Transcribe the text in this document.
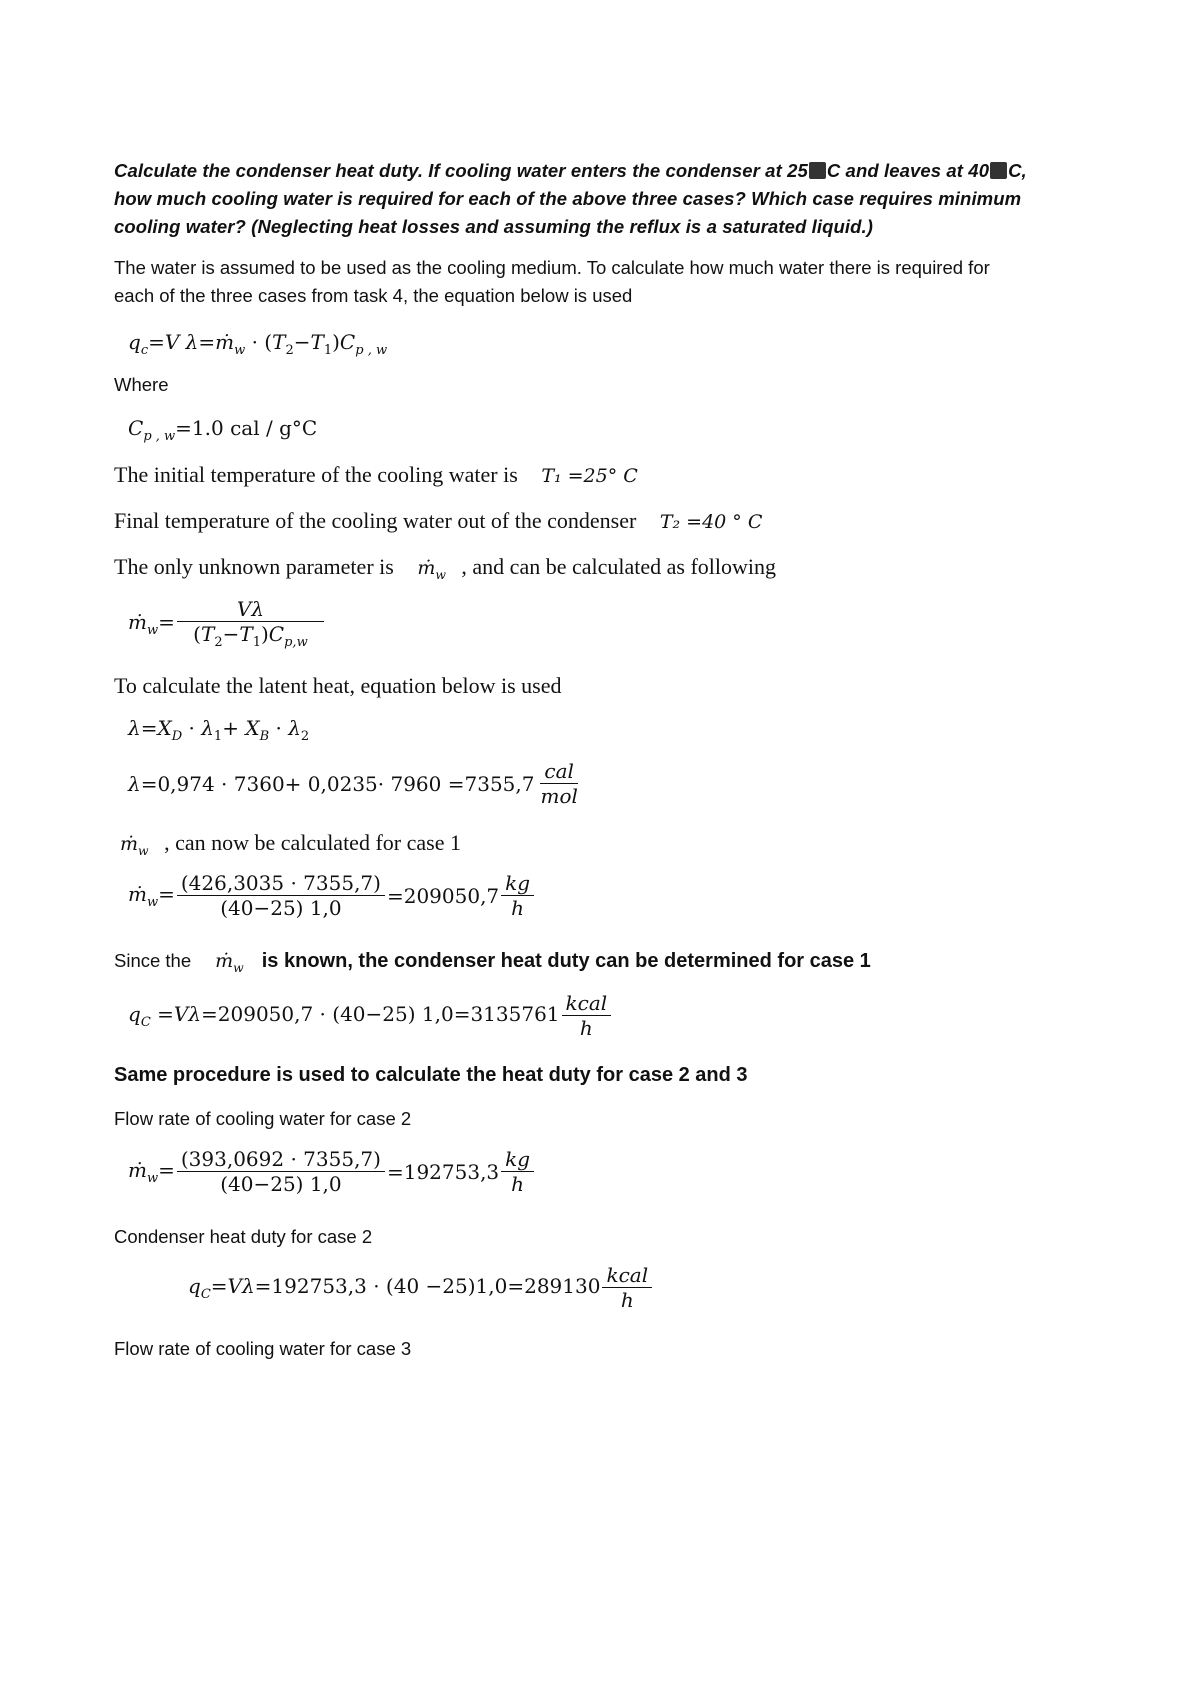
Calculate the condenser heat duty. If cooling water enters the condenser at 25 C and leaves at 40 C,
how much cooling water is required for each of the above three cases? Which case requires minimum
cooling water? (Neglecting heat losses and assuming the reflux is a saturated liquid.)
The water is assumed to be used as the cooling medium. To calculate how much water there is required for
each of the three cases from task 4, the equation below is used
$q_c=V$ λ=ṁ$_w$ · $(T_2-T_1)C_{p , w}$
Where
$C_{p , w}=1.0$ cal / g°C
The initial temperature of the cooling water is T₁ =25° C
Final temperature of the cooling water out of the condenser T₂ =40 ° C
The only unknown parameter is ṁ$_w$ , and can be calculated as following
ṁ$_w$= $\frac{V\lambda}{(T_2-T_1)C_{p,w}}$
To calculate the latent heat, equation below is used
$\lambda=X_D \cdot \lambda_1+ X_B \cdot \lambda_2$
$\lambda=0,974 \cdot 7360+ 0,0235\cdot 7960 =7355,7 \frac{\text{cal}}{\text{mol}}$
ṁ$_w$ , can now be calculated for case 1
ṁ$_w$= $\frac{(426,3035 \cdot 7355,7)}{(40-25) 1,0} =209050,7 \frac{kg}{h}$
Since the ṁ$_w$ is known, the condenser heat duty can be determined for case 1
$q_C =V\lambda=209050,7 \cdot (40-25)$ $1,0=3135761 \frac{\text{kcal}}{h}$
Same procedure is used to calculate the heat duty for case 2 and 3
Flow rate of cooling water for case 2
ṁ$_w$= $\frac{(393,0692 \cdot 7355,7)}{(40-25) 1,0} =192753,3 \frac{kg}{h}$
Condenser heat duty for case 2
$q_C=V\lambda=192753,3 \cdot (40 -25)1,0=289130 \frac{\text{kcal}}{h}$
Flow rate of cooling water for case 3
